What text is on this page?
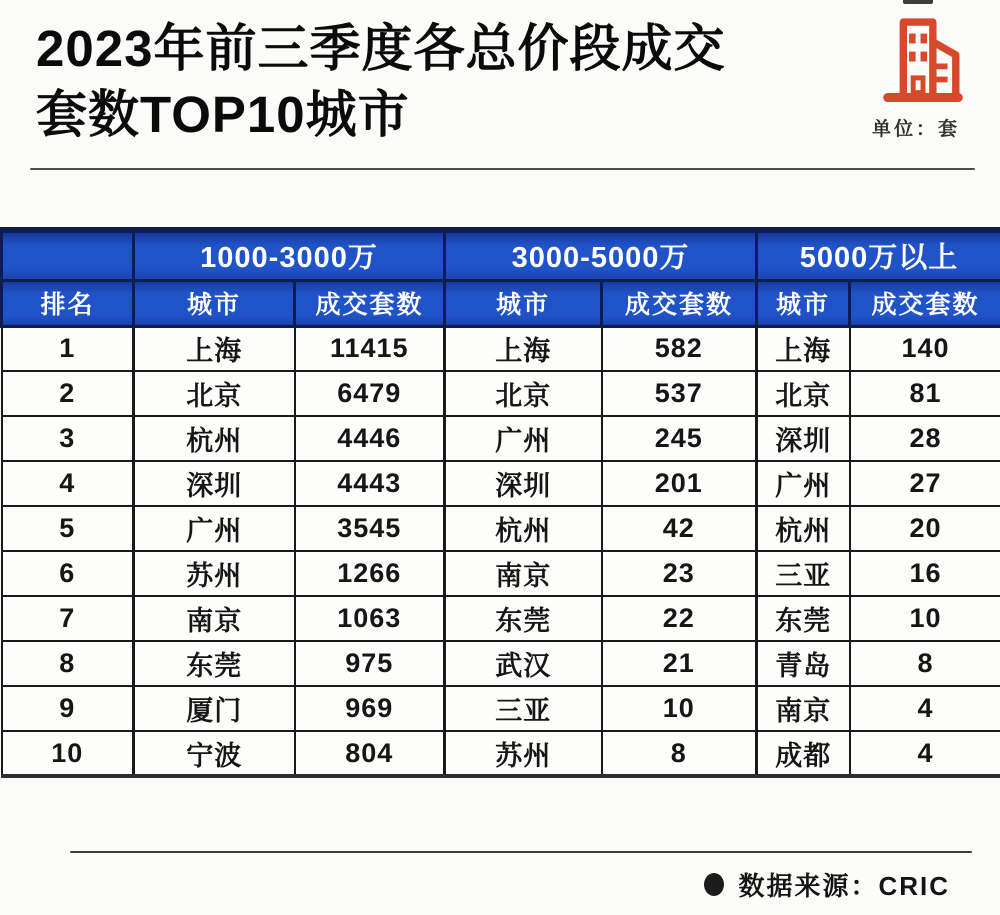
2023年前三季度各总价段成交
套数TOP10城市	单位：套
	1000-3000万		3000-5000万		5000万以上	
排名	城市	成交套数	城市	成交套数	城市	成交套数
1	上海	11415	上海	582	上海	140
2	北京	6479	北京	537	北京	81
3	杭州	4446	广州	245	深圳	28
4	深圳	4443	深圳	201	广州	27
5	广州	3545	杭州	42	杭州	20
6	苏州	1266	南京	23	三亚	16
7	南京	1063	东莞	22	东莞	10
8	东莞	975	武汉	21	青岛	8
9	厦门	969	三亚	10	南京	4
10	宁波	804	苏州	8	成都	4
数据来源：CRIC
